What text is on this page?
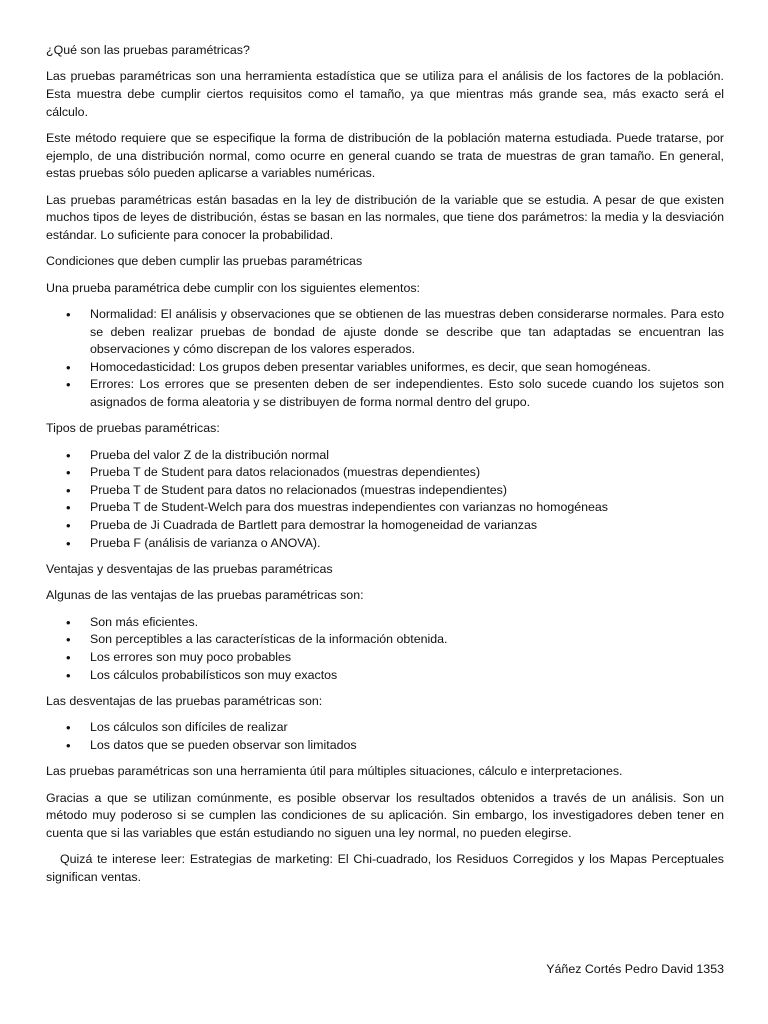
¿Qué son las pruebas paramétricas?

Las pruebas paramétricas son una herramienta estadística que se utiliza para el análisis de los factores de la población. Esta muestra debe cumplir ciertos requisitos como el tamaño, ya que mientras más grande sea, más exacto será el cálculo.

Este método requiere que se especifique la forma de distribución de la población materna estudiada. Puede tratarse, por ejemplo, de una distribución normal, como ocurre en general cuando se trata de muestras de gran tamaño. En general, estas pruebas sólo pueden aplicarse a variables numéricas.

Las pruebas paramétricas están basadas en la ley de distribución de la variable que se estudia. A pesar de que existen muchos tipos de leyes de distribución, éstas se basan en las normales, que tiene dos parámetros: la media y la desviación estándar. Lo suficiente para conocer la probabilidad.

Condiciones que deben cumplir las pruebas paramétricas

Una prueba paramétrica debe cumplir con los siguientes elementos:

• Normalidad: El análisis y observaciones que se obtienen de las muestras deben considerarse normales. Para esto se deben realizar pruebas de bondad de ajuste donde se describe que tan adaptadas se encuentran las observaciones y cómo discrepan de los valores esperados.
• Homocedasticidad: Los grupos deben presentar variables uniformes, es decir, que sean homogéneas.
• Errores: Los errores que se presenten deben de ser independientes. Esto solo sucede cuando los sujetos son asignados de forma aleatoria y se distribuyen de forma normal dentro del grupo.

Tipos de pruebas paramétricas:

• Prueba del valor Z de la distribución normal
• Prueba T de Student para datos relacionados (muestras dependientes)
• Prueba T de Student para datos no relacionados (muestras independientes)
• Prueba T de Student-Welch para dos muestras independientes con varianzas no homogéneas
• Prueba de Ji Cuadrada de Bartlett para demostrar la homogeneidad de varianzas
• Prueba F (análisis de varianza o ANOVA).

Ventajas y desventajas de las pruebas paramétricas

Algunas de las ventajas de las pruebas paramétricas son:

• Son más eficientes.
• Son perceptibles a las características de la información obtenida.
• Los errores son muy poco probables
• Los cálculos probabilísticos son muy exactos

Las desventajas de las pruebas paramétricas son:

• Los cálculos son difíciles de realizar
• Los datos que se pueden observar son limitados

Las pruebas paramétricas son una herramienta útil para múltiples situaciones, cálculo e interpretaciones.

Gracias a que se utilizan comúnmente, es posible observar los resultados obtenidos a través de un análisis. Son un método muy poderoso si se cumplen las condiciones de su aplicación. Sin embargo, los investigadores deben tener en cuenta que si las variables que están estudiando no siguen una ley normal, no pueden elegirse.

Quizá te interese leer: Estrategias de marketing: El Chi-cuadrado, los Residuos Corregidos y los Mapas Perceptuales significan ventas.

Yáñez Cortés Pedro David 1353
